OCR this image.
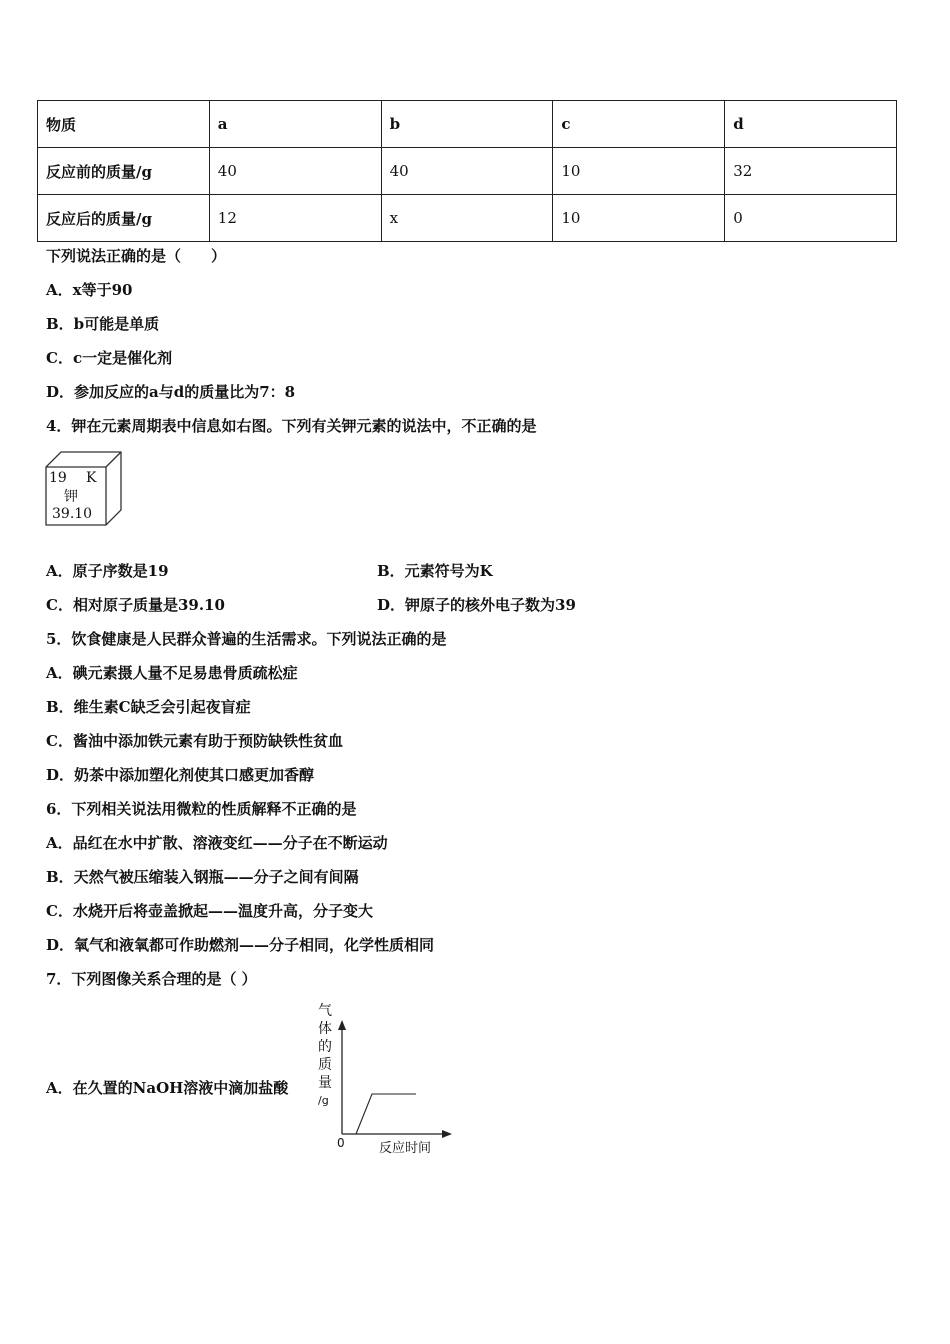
物质	a	b	c	d
反应前的质量/g	40	40	10	32
反应后的质量/g	12	x	10	0
下列说法正确的是（　　）
A．x等于90
B．b可能是单质
C．c一定是催化剂
D．参加反应的a与d的质量比为7：8
4．钾在元素周期表中信息如右图。下列有关钾元素的说法中，不正确的是
19 K
钾
39.10
A．原子序数是19	B．元素符号为K
C．相对原子质量是39.10	D．钾原子的核外电子数为39
5．饮食健康是人民群众普遍的生活需求。下列说法正确的是
A．碘元素摄人量不足易患骨质疏松症
B．维生素C缺乏会引起夜盲症
C．酱油中添加铁元素有助于预防缺铁性贫血
D．奶茶中添加塑化剂使其口感更加香醇
6．下列相关说法用微粒的性质解释不正确的是
A．品红在水中扩散、溶液变红——分子在不断运动
B．天然气被压缩装入钢瓶——分子之间有间隔
C．水烧开后将壶盖掀起——温度升高，分子变大
D．氧气和液氧都可作助燃剂——分子相同，化学性质相同
7．下列图像关系合理的是（ ）
A．在久置的NaOH溶液中滴加盐酸
气
体
的
质
量
/g
0	反应时间
